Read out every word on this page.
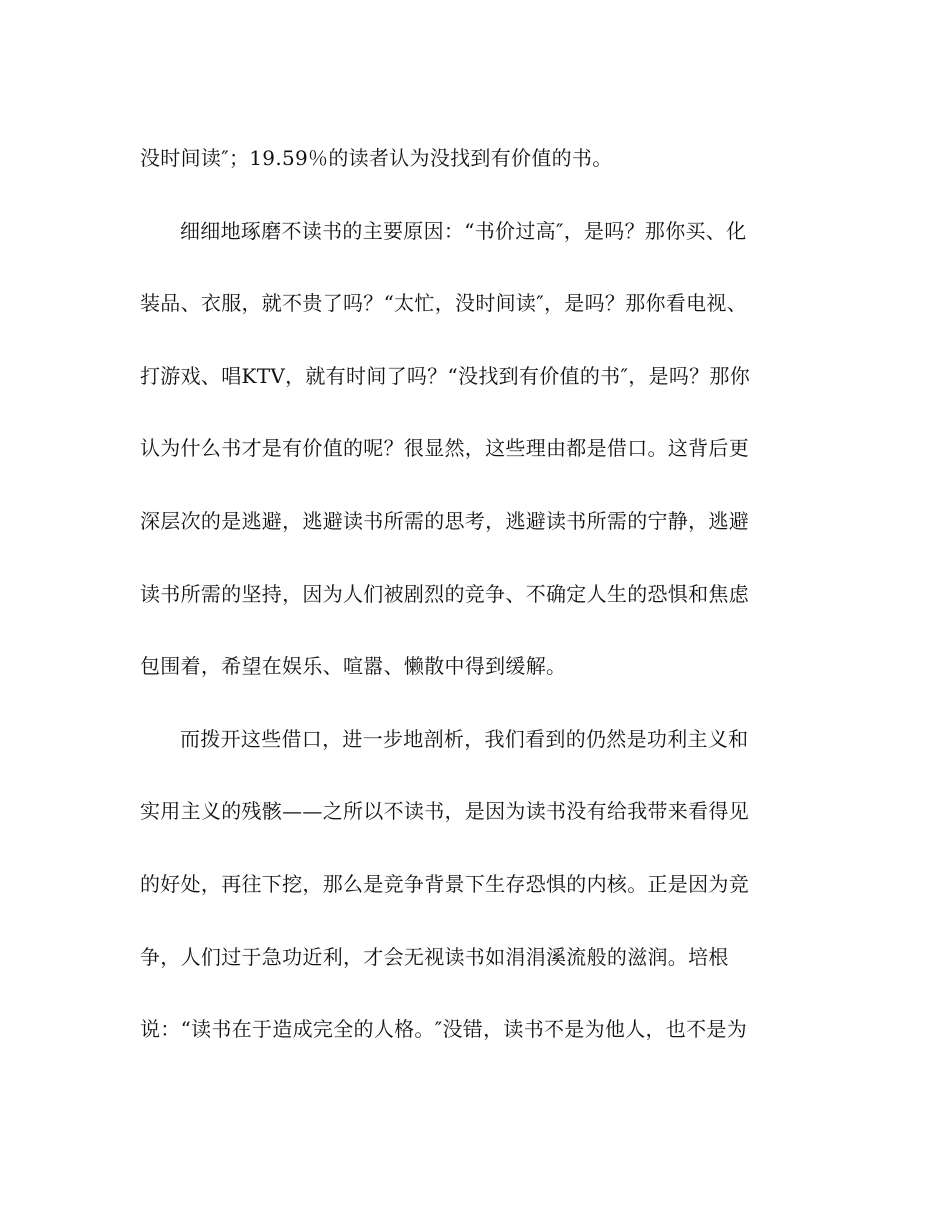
没时间读″；19.59％的读者认为没找到有价值的书。
细细地琢磨不读书的主要原因：“书价过高″，是吗？那你买、化
装品、衣服，就不贵了吗？“太忙，没时间读″，是吗？那你看电视、
打游戏、唱KTV，就有时间了吗？“没找到有价值的书″，是吗？那你
认为什么书才是有价值的呢？很显然，这些理由都是借口。这背后更
深层次的是逃避，逃避读书所需的思考，逃避读书所需的宁静，逃避
读书所需的坚持，因为人们被剧烈的竞争、不确定人生的恐惧和焦虑
包围着，希望在娱乐、喧嚣、懒散中得到缓解。
而拨开这些借口，进一步地剖析，我们看到的仍然是功利主义和
实用主义的残骸——之所以不读书，是因为读书没有给我带来看得见
的好处，再往下挖，那么是竞争背景下生存恐惧的内核。正是因为竞
争，人们过于急功近利，才会无视读书如涓涓溪流般的滋润。培根
说：“读书在于造成完全的人格。″没错，读书不是为他人，也不是为
